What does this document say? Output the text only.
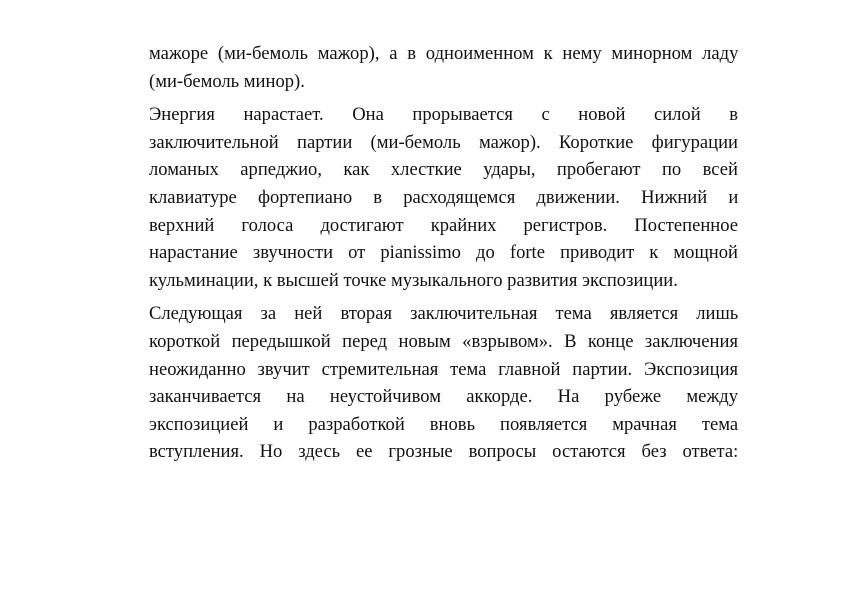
мажоре (ми-бемоль мажор), а в одноименном к нему минорном ладу
(ми-бемоль минор).

Энергия нарастает. Она прорывается с новой силой в
заключительной партии (ми-бемоль мажор). Короткие фигурации
ломаных арпеджио, как хлесткие удары, пробегают по всей
клавиатуре фортепиано в расходящемся движении. Нижний и
верхний голоса достигают крайних регистров. Постепенное
нарастание звучности от pianissimo до forte приводит к мощной
кульминации, к высшей точке музыкального развития экспозиции.

Следующая за ней вторая заключительная тема является лишь
короткой передышкой перед новым «взрывом». В конце заключения
неожиданно звучит стремительная тема главной партии. Экспозиция
заканчивается на неустойчивом аккорде. На рубеже между
экспозицией и разработкой вновь появляется мрачная тема
вступления. Но здесь ее грозные вопросы остаются без ответа:
